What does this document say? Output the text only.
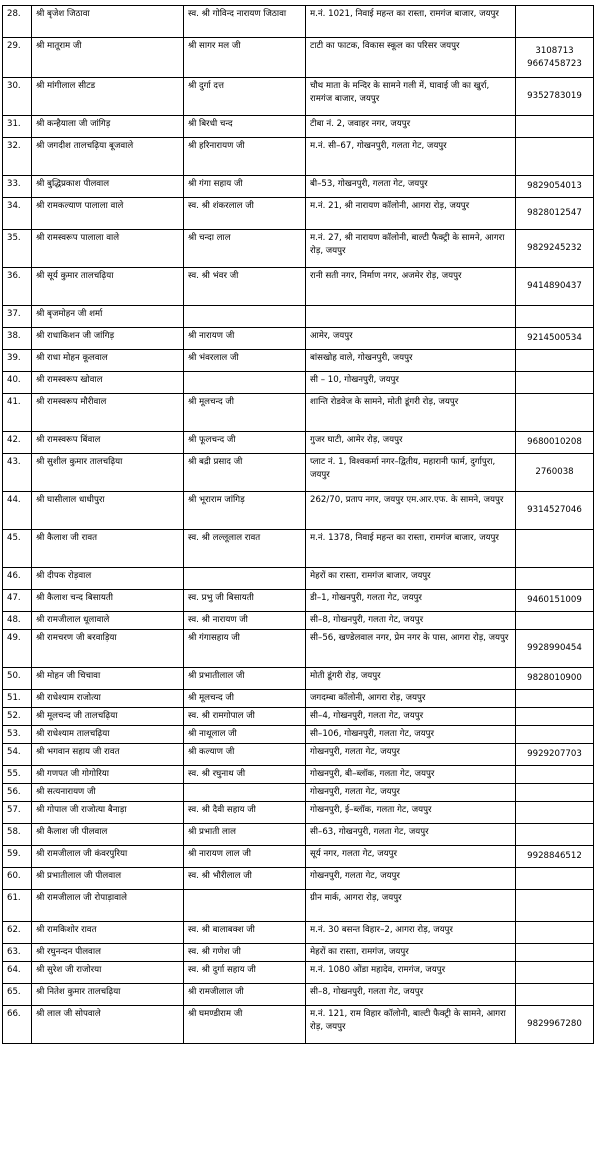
28.	श्री बृजेश जिठावा	स्व. श्री गोविन्द नारायण जिठावा	म.नं. 1021, निवाई महन्त का रास्ता, रामगंज बाजार, जयपुर	
29.	श्री मातूराम जी	श्री सागर मल जी	टाटी का फाटक, विकास स्कूल का परिसर जयपुर	3108713 9667458723
30.	श्री मांगीलाल सीटड	श्री दुर्गा दत्त	चौथ माता के मन्दिर के सामने गली में, घावाई जी का खुर्रा, रामगंज बाजार, जयपुर	9352783019
31.	श्री कन्हैयाला जी जांगिड़	श्री बिरधी चन्द	टीबा नं. 2, जवाहर नगर, जयपुर	
32.	श्री जगदीश तालचढ़िया बूजवाले	श्री हरिनारायण जी	म.नं. सी–67, गोखनपुरी, गलता गेट, जयपुर	
33.	श्री बुद्धिप्रकाश पीलवाल	श्री गंगा सहाय जी	बी–53, गोखनपुरी, गलता गेट, जयपुर	9829054013
34.	श्री रामकल्याण पालाला वाले	स्व. श्री शंकरलाल जी	म.नं. 21, श्री नारायण कॉलोनी, आगरा रोड़, जयपुर	9828012547
35.	श्री रामस्वरूप पालाला वाले	श्री चन्दा लाल	म.नं. 27, श्री नारायण कॉलोनी, बाल्टी फैक्ट्री के सामने, आगरा रोड़, जयपुर	9829245232
36.	श्री सूर्य कुमार तालचढ़िया	स्व. श्री भंवर जी	रानी सती नगर, निर्माण नगर, अजमेर रोड़, जयपुर	9414890437
37.	श्री बृजमोहन जी शर्मा			
38.	श्री राधाकिशन जी जांगिड़	श्री नारायण जी	आमेर, जयपुर	9214500534
39.	श्री राधा मोहन कूलवाल	श्री भंवरलाल जी	बांसखोह वाले, गोखनपुरी, जयपुर	
40.	श्री रामस्वरूप खोवाल		सी – 10, गोखनपुरी, जयपुर	
41.	श्री रामस्वरूप मौरीवाल	श्री मूलचन्द जी	शान्ति रोडवेज के सामने, मोती डूंगरी रोड़, जयपुर	
42.	श्री रामस्वरूप बिंवाल	श्री फूलचन्द जी	गुजर घाटी, आमेर रोड़, जयपुर	9680010208
43.	श्री सुशील कुमार तालचढ़िया	श्री बद्री प्रसाद जी	प्लाट नं. 1, विश्वकर्मा नगर–द्वितीय, महारानी फार्म, दुर्गापुरा, जयपुर	2760038
44.	श्री घासीलाल धाधीपुरा	श्री भूराराम जांगिड़	262/70, प्रताप नगर, जयपुर एम.आर.एफ. के सामने, जयपुर	9314527046
45.	श्री कैलाश जी रावत	स्व. श्री लल्लूलाल रावत	म.नं. 1378, निवाई महन्त का रास्ता, रामगंज बाजार, जयपुर	
46.	श्री दीपक रोड़वाल		मेहरों का रास्ता, रामगंज बाजार, जयपुर	
47.	श्री कैलाश चन्द बिसायती	स्व. प्रभु जी बिसायती	डी–1, गोखनपुरी, गलता गेट, जयपुर	9460151009
48.	श्री रामजीलाल धूलावाले	स्व. श्री नारायण जी	सी–8, गोखनपुरी, गलता गेट, जयपुर	
49.	श्री रामचरण जी बरवाड़िया	श्री गंगासहाय जी	सी–56, खण्डेलवाल नगर, प्रेम नगर के पास, आगरा रोड़, जयपुर	9928990454
50.	श्री मोहन जी चिचावा	श्री प्रभातीलाल जी	मोती डूंगरी रोड़, जयपुर	9828010900
51.	श्री राधेश्याम राजोत्या	श्री मूलचन्द जी	जगदम्बा कॉलोनी, आगरा रोड़, जयपुर	
52.	श्री मूलचन्द जी तालचढ़िया	स्व. श्री रामगोपाल जी	सी–4, गोखनपुरी, गलता गेट, जयपुर	
53.	श्री राधेश्याम तालचढ़िया	श्री नाथूलाल जी	सी–106, गोखनपुरी, गलता गेट, जयपुर	
54.	श्री भगवान सहाय जी रावत	श्री कल्याण जी	गोखनपुरी, गलता गेट, जयपुर	9929207703
55.	श्री गणपत जी गोगोरिया	स्व. श्री रघुनाथ जी	गोखनपुरी, बी–ब्लॉक, गलता गेट, जयपुर	
56.	श्री सत्यनारायण जी		गोखनपुरी, गलता गेट, जयपुर	
57.	श्री गोपाल जी राजोत्या बैनाड़ा	स्व. श्री दैवी सहाय जी	गोखनपुरी, ई–ब्लॉक, गलता गेट, जयपुर	
58.	श्री कैलाश जी पीलवाल	श्री प्रभाती लाल	सी–63, गोखनपुरी, गलता गेट, जयपुर	
59.	श्री रामजीलाल जी कंवरपुरिया	श्री नारायण लाल जी	सूर्य नगर, गलता गेट, जयपुर	9928846512
60.	श्री प्रभातीलाल जी पीलवाल	स्व. श्री भौरीलाल जी	गोखनपुरी, गलता गेट, जयपुर	
61.	श्री रामजीलाल जी रोपाड़ावाले		ग्रीन मार्क, आगरा रोड़, जयपुर	
62.	श्री रामकिशोर रावत	स्व. श्री बालाबक्श जी	म.नं. 30 बसन्त विहार–2, आगरा रोड़, जयपुर	
63.	श्री रघुनन्दन पीलवाल	स्व. श्री गणेश जी	मेहरों का रास्ता, रामगंज, जयपुर	
64.	श्री सुरेश जी राजोरया	स्व. श्री दुर्गा सहाय जी	म.नं. 1080 ओंडा महादेव, रामगंज, जयपुर	
65.	श्री नितेश कुमार तालचढ़िया	श्री रामजीलाल जी	सी–8, गोखनपुरी, गलता गेट, जयपुर	
66.	श्री लाल जी सोपवाले	श्री घमण्डीराम जी	म.नं. 121, राम विहार कॉलोनी, बाल्टी फैक्ट्री के सामने, आगरा रोड़, जयपुर	9829967280
